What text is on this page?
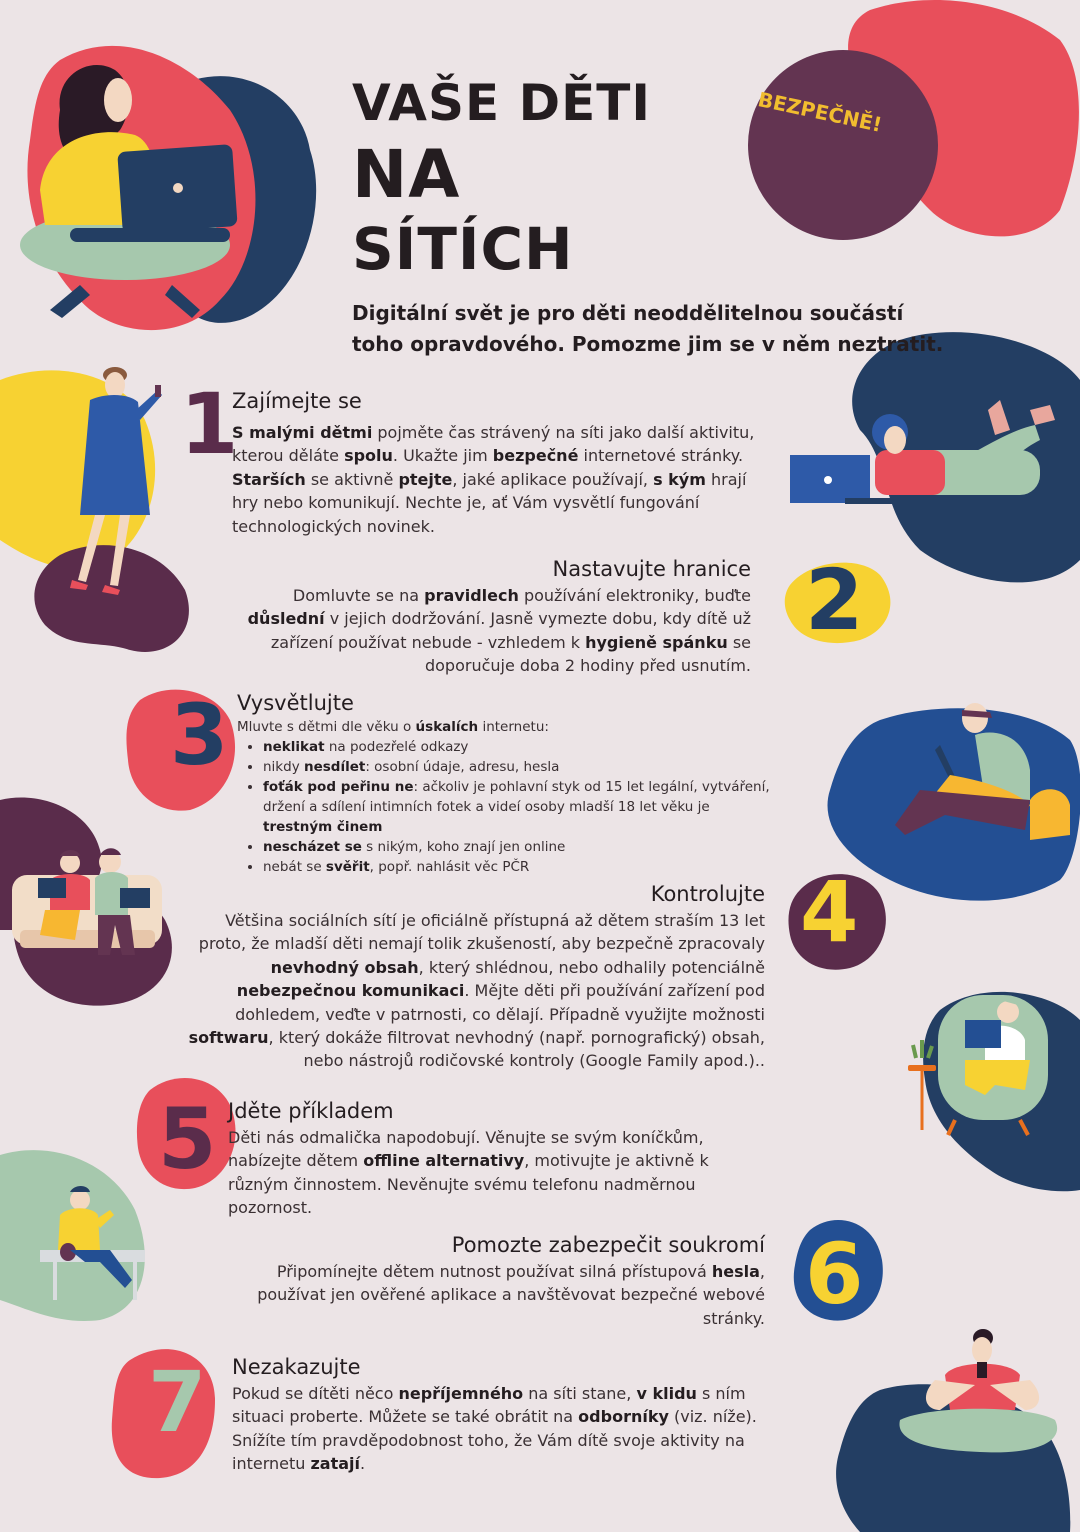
VAŠE DĚTI
NA
SÍTÍCH
BEZPEČNĚ!
Digitální svět je pro děti neoddělitelnou součástí
toho opravdového. Pomozme jim se v něm neztratit.
1
2
3
4
5
6
7
Zajímejte se

S malými dětmi pojměte čas strávený na síti jako další aktivitu, kterou děláte spolu. Ukažte jim bezpečné internetové stránky. Starších se aktivně ptejte, jaké aplikace používají, s kým hrají hry nebo komunikují. Nechte je, ať Vám vysvětlí fungování technologických novinek.

Nastavujte hranice

Domluvte se na pravidlech používání elektroniky, buďte důslední v jejich dodržování. Jasně vymezte dobu, kdy dítě už zařízení používat nebude - vzhledem k hygieně spánku se doporučuje doba 2 hodiny před usnutím.

Vysvětlujte

Mluvte s dětmi dle věku o úskalích internetu:

• neklikat na podezřelé odkazy
• nikdy nesdílet: osobní údaje, adresu, hesla
• foťák pod peřinu ne: ačkoliv je pohlavní styk od 15 let legální, vytváření, držení a sdílení intimních fotek a videí osoby mladší 18 let věku je trestným činem
• nescházet se s nikým, koho znají jen online
• nebát se svěřit, popř. nahlásit věc PČR
Kontrolujte

Většina sociálních sítí je oficiálně přístupná až dětem straším 13 let proto, že mladší děti nemají tolik zkušeností, aby bezpečně zpracovaly nevhodný obsah, který shlédnou, nebo odhalily potenciálně nebezpečnou komunikaci. Mějte děti při používání zařízení pod dohledem, veďte v patrnosti, co dělají. Případně využijte možnosti softwaru, který dokáže filtrovat nevhodný (např. pornografický) obsah, nebo nástrojů rodičovské kontroly (Google Family apod.)..

Jděte příkladem

Děti nás odmalička napodobují. Věnujte se svým koníčkům, nabízejte dětem offline alternativy, motivujte je aktivně k různým činnostem. Nevěnujte svému telefonu nadměrnou pozornost.

Pomozte zabezpečit soukromí

Připomínejte dětem nutnost používat silná přístupová hesla, používat jen ověřené aplikace a navštěvovat bezpečné webové stránky.

Nezakazujte

Pokud se dítěti něco nepříjemného na síti stane, v klidu s ním situaci proberte. Můžete se také obrátit na odborníky (viz. níže). Snížíte tím pravděpodobnost toho, že Vám dítě svoje aktivity na internetu zatají.
